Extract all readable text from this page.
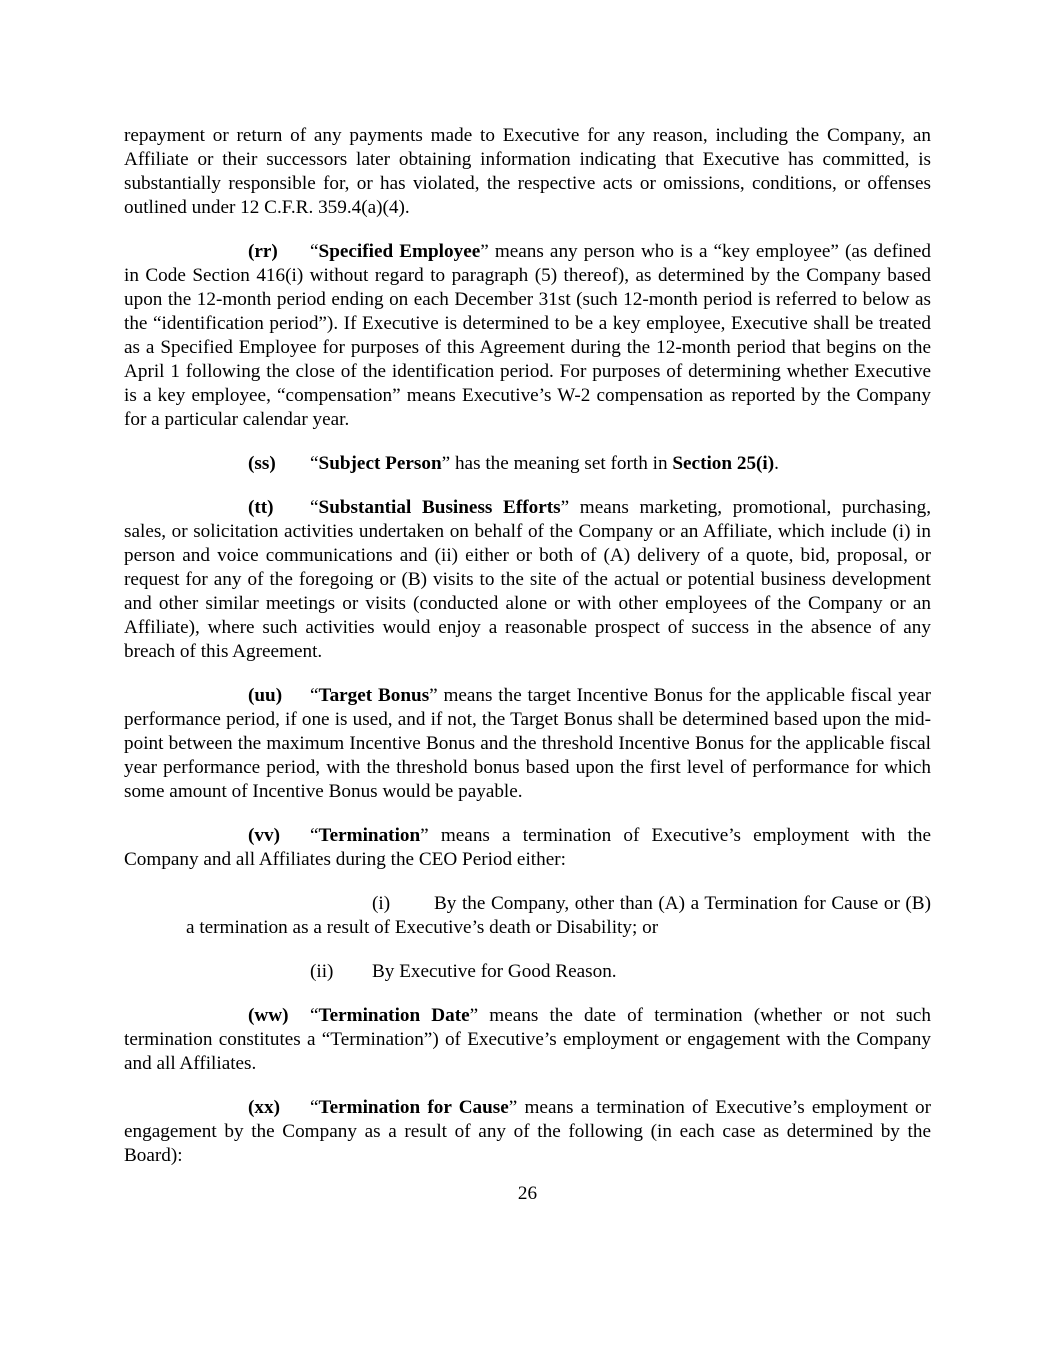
repayment or return of any payments made to Executive for any reason, including the Company, an Affiliate or their successors later obtaining information indicating that Executive has committed, is substantially responsible for, or has violated, the respective acts or omissions, conditions, or offenses outlined under 12 C.F.R. 359.4(a)(4).

(rr) “Specified Employee” means any person who is a “key employee” (as defined in Code Section 416(i) without regard to paragraph (5) thereof), as determined by the Company based upon the 12-month period ending on each December 31st (such 12-month period is referred to below as the “identification period”). If Executive is determined to be a key employee, Executive shall be treated as a Specified Employee for purposes of this Agreement during the 12-month period that begins on the April 1 following the close of the identification period. For purposes of determining whether Executive is a key employee, “compensation” means Executive’s W-2 compensation as reported by the Company for a particular calendar year.

(ss) “Subject Person” has the meaning set forth in Section 25(i).

(tt) “Substantial Business Efforts” means marketing, promotional, purchasing, sales, or solicitation activities undertaken on behalf of the Company or an Affiliate, which include (i) in person and voice communications and (ii) either or both of (A) delivery of a quote, bid, proposal, or request for any of the foregoing or (B) visits to the site of the actual or potential business development and other similar meetings or visits (conducted alone or with other employees of the Company or an Affiliate), where such activities would enjoy a reasonable prospect of success in the absence of any breach of this Agreement.

(uu) “Target Bonus” means the target Incentive Bonus for the applicable fiscal year performance period, if one is used, and if not, the Target Bonus shall be determined based upon the mid-point between the maximum Incentive Bonus and the threshold Incentive Bonus for the applicable fiscal year performance period, with the threshold bonus based upon the first level of performance for which some amount of Incentive Bonus would be payable.

(vv) “Termination” means a termination of Executive’s employment with the Company and all Affiliates during the CEO Period either:

(i) By the Company, other than (A) a Termination for Cause or (B) a termination as a result of Executive’s death or Disability; or

(ii) By Executive for Good Reason.

(ww) “Termination Date” means the date of termination (whether or not such termination constitutes a “Termination”) of Executive’s employment or engagement with the Company and all Affiliates.

(xx) “Termination for Cause” means a termination of Executive’s employment or engagement by the Company as a result of any of the following (in each case as determined by the Board):

26
